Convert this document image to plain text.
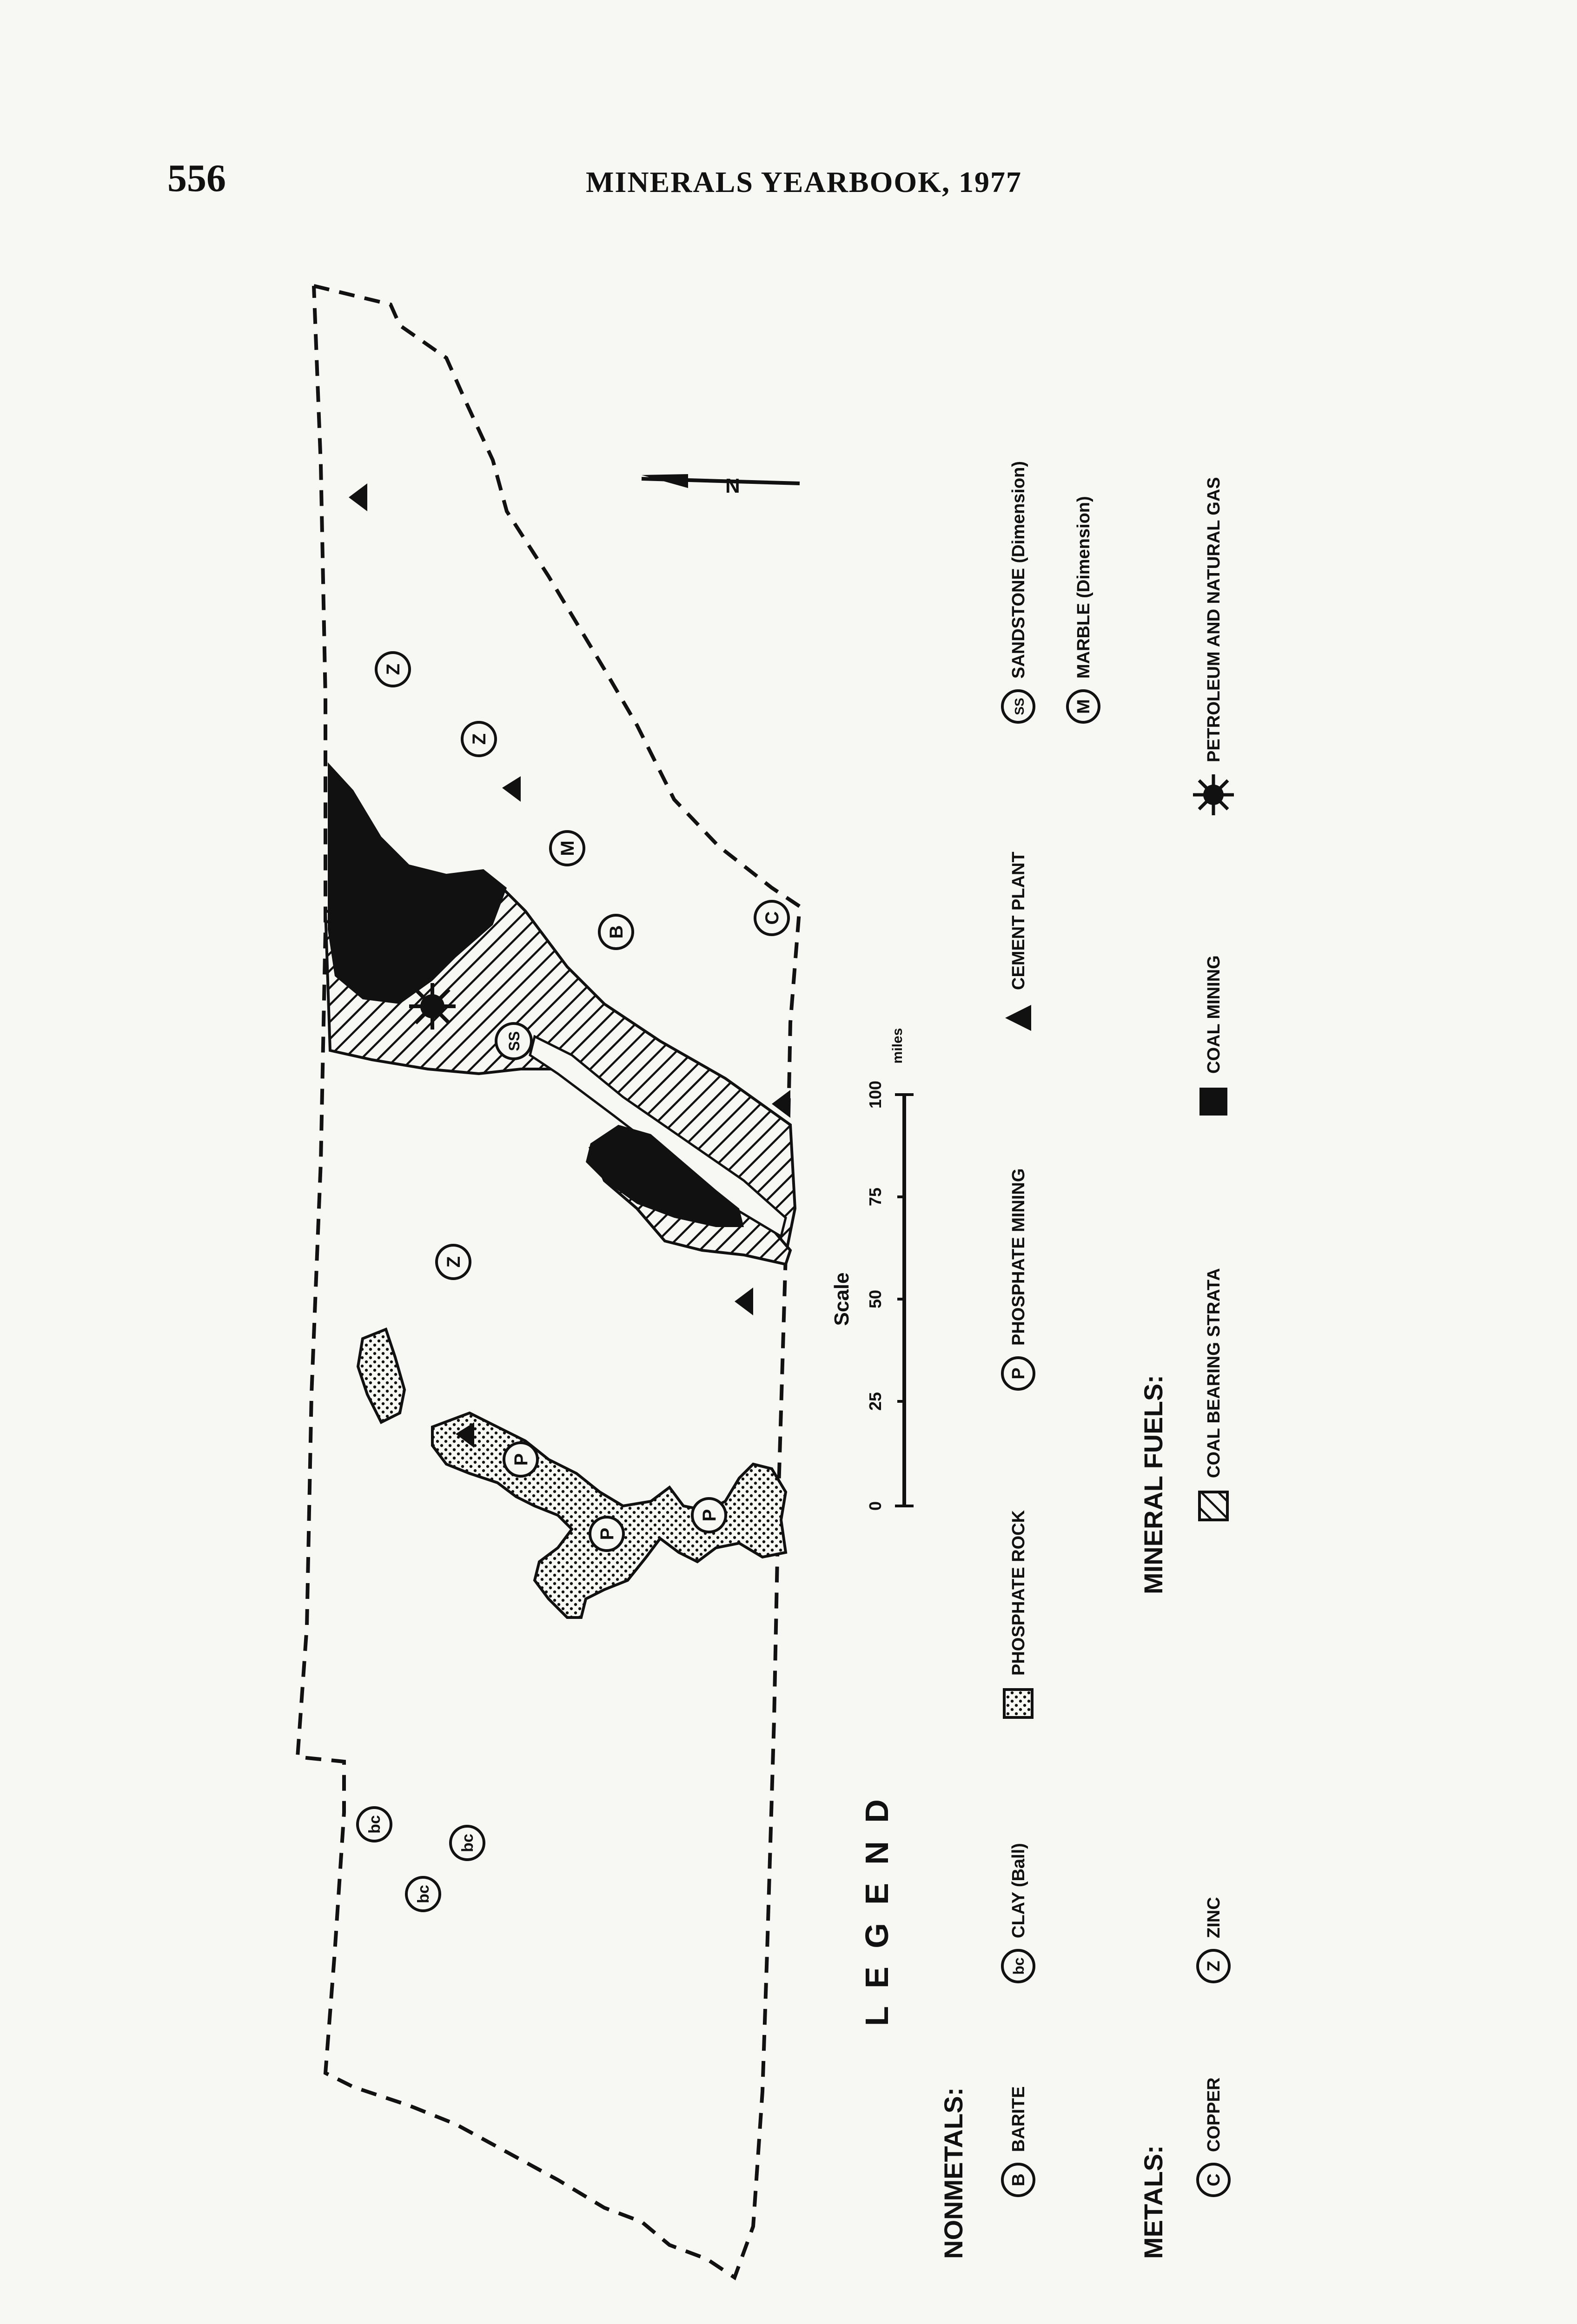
556	MINERALS YEARBOOK, 1977
N
Z
Z
Z
M
B
C
SS
P
P
P
bc
bc
bc
0
25
50
75
100
miles
Scale
L E G E N D
NONMETALS:	METALS:
MINERAL FUELS:
B
BARITE
bc
CLAY (Ball)
PHOSPHATE ROCK
P
PHOSPHATE MINING
CEMENT PLANT
SS
SANDSTONE (Dimension)
M
MARBLE (Dimension)
C
COPPER
Z
ZINC
COAL BEARING STRATA
COAL MINING
PETROLEUM AND NATURAL GAS
